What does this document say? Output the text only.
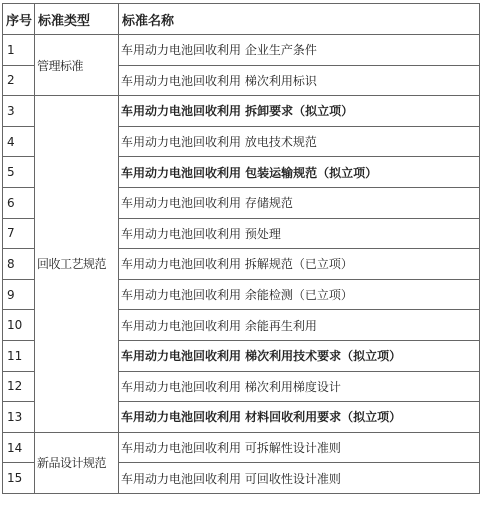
序号	标准类型	标准名称
1	管理标准	车用动力电池回收利用 企业生产条件
2		车用动力电池回收利用 梯次利用标识
3	回收工艺规范	车用动力电池回收利用 拆卸要求（拟立项）
4		车用动力电池回收利用 放电技术规范
5		车用动力电池回收利用 包装运输规范（拟立项）
6		车用动力电池回收利用 存储规范
7		车用动力电池回收利用 预处理
8		车用动力电池回收利用 拆解规范（已立项）
9		车用动力电池回收利用 余能检测（已立项）
10		车用动力电池回收利用 余能再生利用
11		车用动力电池回收利用 梯次利用技术要求（拟立项）
12		车用动力电池回收利用 梯次利用梯度设计
13		车用动力电池回收利用 材料回收利用要求（拟立项）
14	新品设计规范	车用动力电池回收利用 可拆解性设计准则
15		车用动力电池回收利用 可回收性设计准则
